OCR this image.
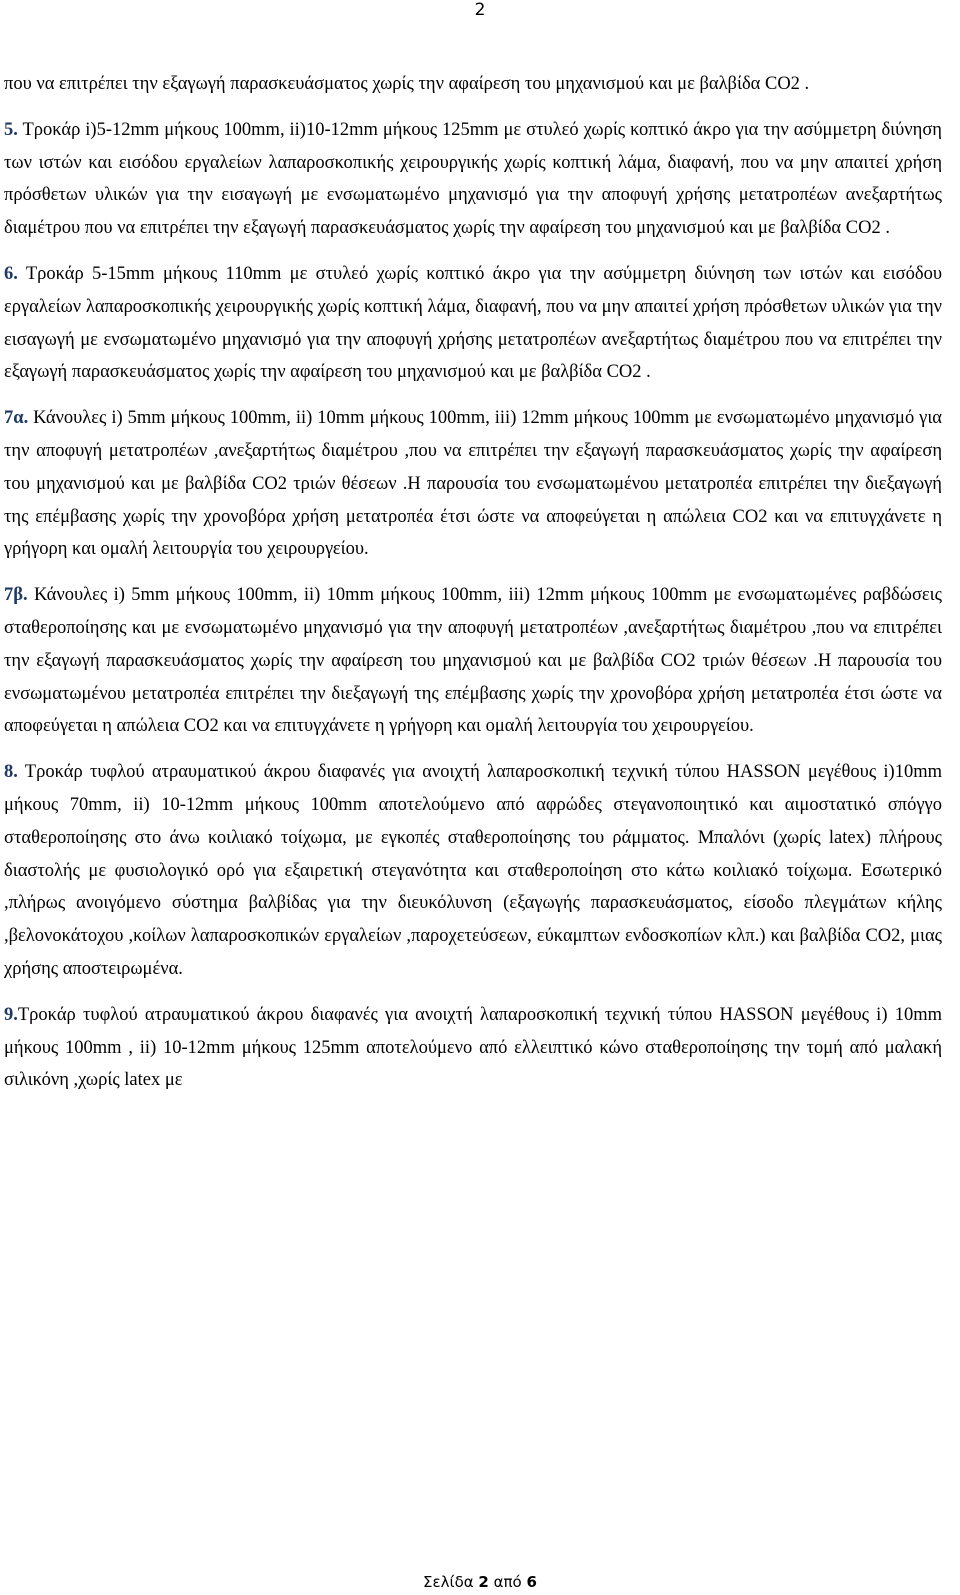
2

που να επιτρέπει την εξαγωγή παρασκευάσματος χωρίς την αφαίρεση του μηχανισμού και με βαλβίδα CO2 .

5. Τροκάρ i)5-12mm μήκους 100mm, ii)10-12mm μήκους 125mm με στυλεό χωρίς κοπτικό άκρο για την ασύμμετρη διύνηση των ιστών και εισόδου εργαλείων λαπαροσκοπικής χειρουργικής χωρίς κοπτική λάμα, διαφανή, που να μην απαιτεί χρήση πρόσθετων υλικών για την εισαγωγή με ενσωματωμένο μηχανισμό για την αποφυγή χρήσης μετατροπέων ανεξαρτήτως διαμέτρου που να επιτρέπει την εξαγωγή παρασκευάσματος χωρίς την αφαίρεση του μηχανισμού και με βαλβίδα CO2 .

6. Τροκάρ 5-15mm μήκους 110mm με στυλεό χωρίς κοπτικό άκρο για την ασύμμετρη διύνηση των ιστών και εισόδου εργαλείων λαπαροσκοπικής χειρουργικής χωρίς κοπτική λάμα, διαφανή, που να μην απαιτεί χρήση πρόσθετων υλικών για την εισαγωγή με ενσωματωμένο μηχανισμό για την αποφυγή χρήσης μετατροπέων ανεξαρτήτως διαμέτρου που να επιτρέπει την εξαγωγή παρασκευάσματος χωρίς την αφαίρεση του μηχανισμού και με βαλβίδα CO2 .

7α. Κάνουλες i) 5mm μήκους 100mm, ii) 10mm μήκους 100mm, iii) 12mm μήκους 100mm με ενσωματωμένο μηχανισμό για την αποφυγή μετατροπέων ,ανεξαρτήτως διαμέτρου ,που να επιτρέπει την εξαγωγή παρασκευάσματος χωρίς την αφαίρεση του μηχανισμού και με βαλβίδα CO2 τριών θέσεων .Η παρουσία του ενσωματωμένου μετατροπέα επιτρέπει την διεξαγωγή της επέμβασης χωρίς την χρονοβόρα χρήση μετατροπέα έτσι ώστε να αποφεύγεται η απώλεια CO2 και να επιτυγχάνετε η γρήγορη και ομαλή λειτουργία του χειρουργείου.

7β. Κάνουλες i) 5mm μήκους 100mm, ii) 10mm μήκους 100mm, iii) 12mm μήκους 100mm με ενσωματωμένες ραβδώσεις σταθεροποίησης και με ενσωματωμένο μηχανισμό για την αποφυγή μετατροπέων ,ανεξαρτήτως διαμέτρου ,που να επιτρέπει την εξαγωγή παρασκευάσματος χωρίς την αφαίρεση του μηχανισμού και με βαλβίδα CO2 τριών θέσεων .Η παρουσία του ενσωματωμένου μετατροπέα επιτρέπει την διεξαγωγή της επέμβασης χωρίς την χρονοβόρα χρήση μετατροπέα έτσι ώστε να αποφεύγεται η απώλεια CO2 και να επιτυγχάνετε η γρήγορη και ομαλή λειτουργία του χειρουργείου.

8. Τροκάρ τυφλού ατραυματικού άκρου διαφανές για ανοιχτή λαπαροσκοπική τεχνική τύπου HASSON μεγέθους i)10mm μήκους 70mm, ii) 10-12mm μήκους 100mm αποτελούμενο από αφρώδες στεγανοποιητικό και αιμοστατικό σπόγγο σταθεροποίησης στο άνω κοιλιακό τοίχωμα, με εγκοπές σταθεροποίησης του ράμματος. Μπαλόνι (χωρίς latex) πλήρους διαστολής με φυσιολογικό ορό για εξαιρετική στεγανότητα και σταθεροποίηση στο κάτω κοιλιακό τοίχωμα. Εσωτερικό ,πλήρως ανοιγόμενο σύστημα βαλβίδας για την διευκόλυνση (εξαγωγής παρασκευάσματος, είσοδο πλεγμάτων κήλης ,βελονοκάτοχου ,κοίλων λαπαροσκοπικών εργαλείων ,παροχετεύσεων, εύκαμπτων ενδοσκοπίων κλπ.) και βαλβίδα CO2, μιας χρήσης αποστειρωμένα.

9.Τροκάρ τυφλού ατραυματικού άκρου διαφανές για ανοιχτή λαπαροσκοπική τεχνική τύπου HASSON μεγέθους i) 10mm μήκους 100mm , ii) 10-12mm μήκους 125mm αποτελούμενο από ελλειπτικό κώνο σταθεροποίησης την τομή από μαλακή σιλικόνη ,χωρίς latex με

Σελίδα 2 από 6
